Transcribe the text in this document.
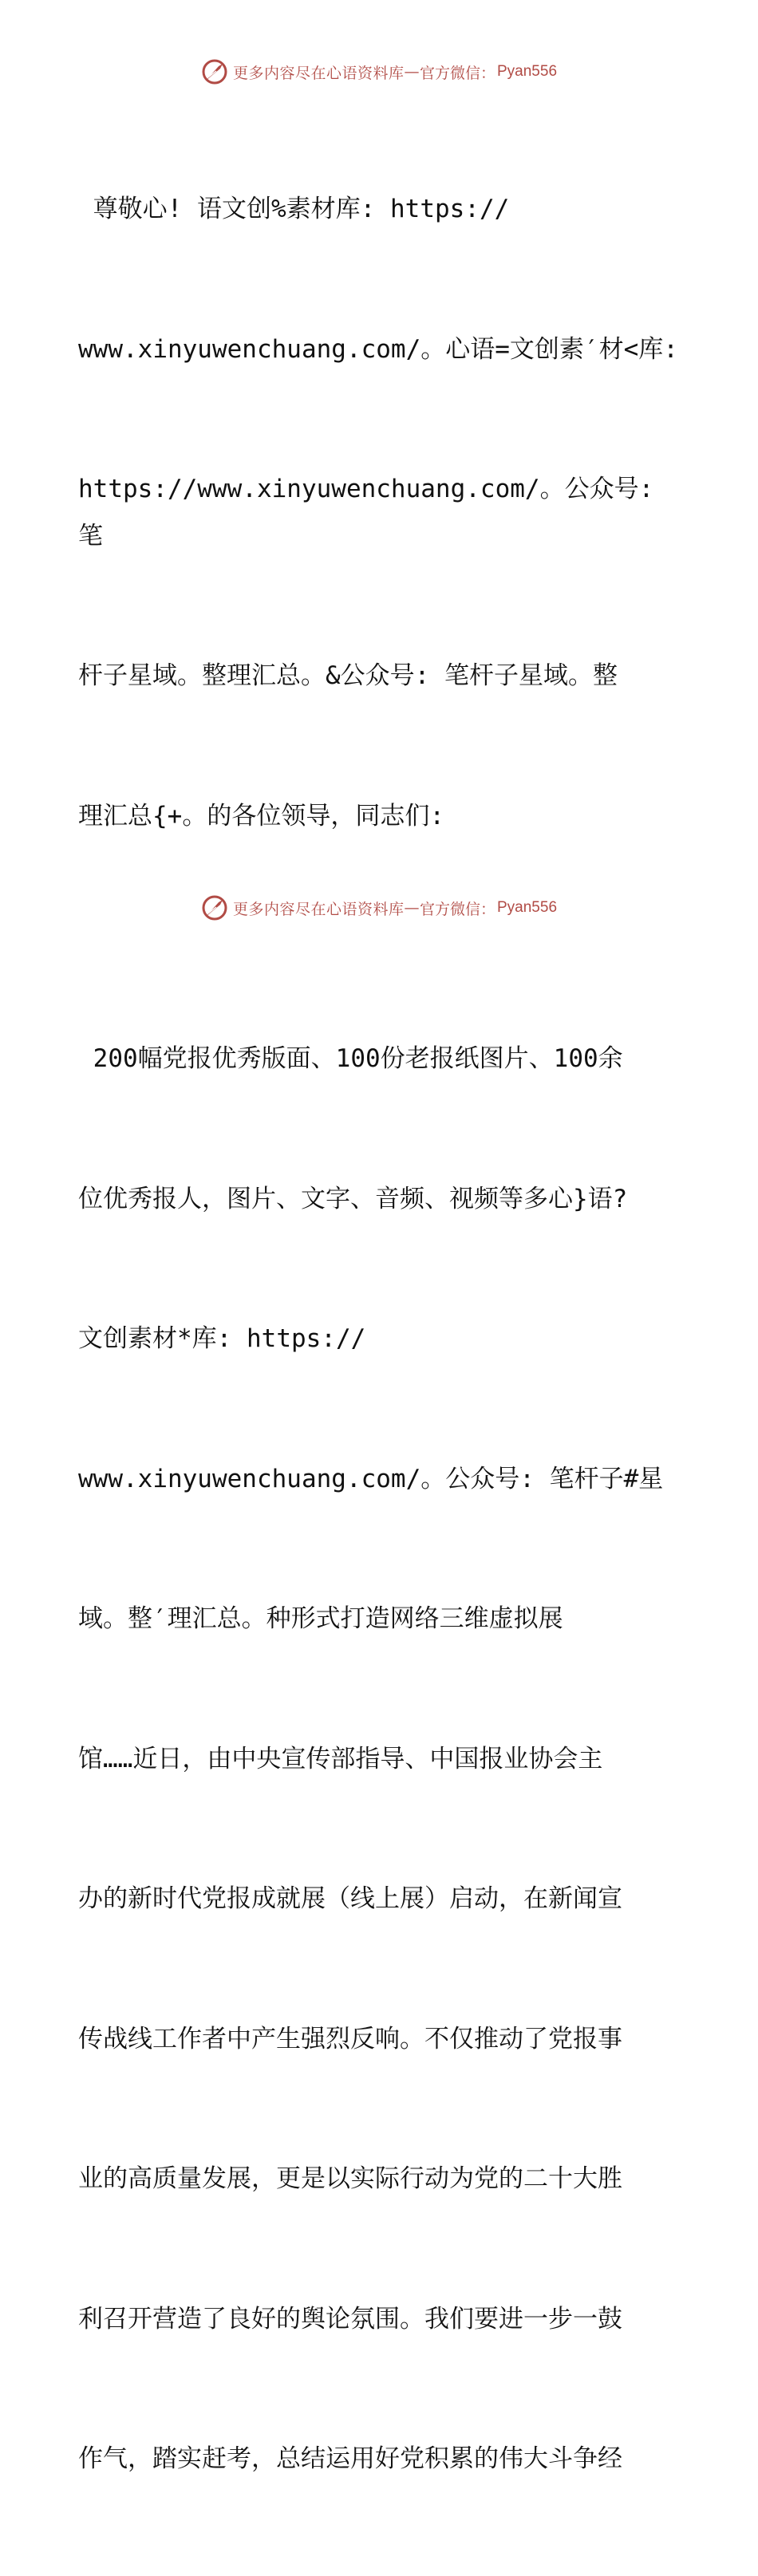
更多内容尽在心语资料库 — 官方微信： Pyan556

尊敬心! 语文创%素材库: https://

www.xinyuwenchuang.com/。心语=文创素′材<库:

https://www.xinyuwenchuang.com/。公众号: 笔

杆子星域。整理汇总。&公众号: 笔杆子星域。整

理汇总{+。的各位领导，同志们:

200幅党报优秀版面、100份老报纸图片、100余

位优秀报人，图片、文字、音频、视频等多心}语?

文创素材*库: https://

www.xinyuwenchuang.com/。公众号: 笔杆子#星

域。整′理汇总。种形式打造网络三维虚拟展

馆……近日，由中央宣传部指导、中国报业协会主

办的新时代党报成就展（线上展）启动，在新闻宣

传战线工作者中产生强烈反响。不仅推动了党报事

业的高质量发展，更是以实际行动为党的二十大胜

利召开营造了良好的舆论氛围。我们要进一步一鼓

作气，踏实赶考，总结运用好党积累的伟大斗争经

更多内容尽在心语资料库 — 官方微信： Pyan556
